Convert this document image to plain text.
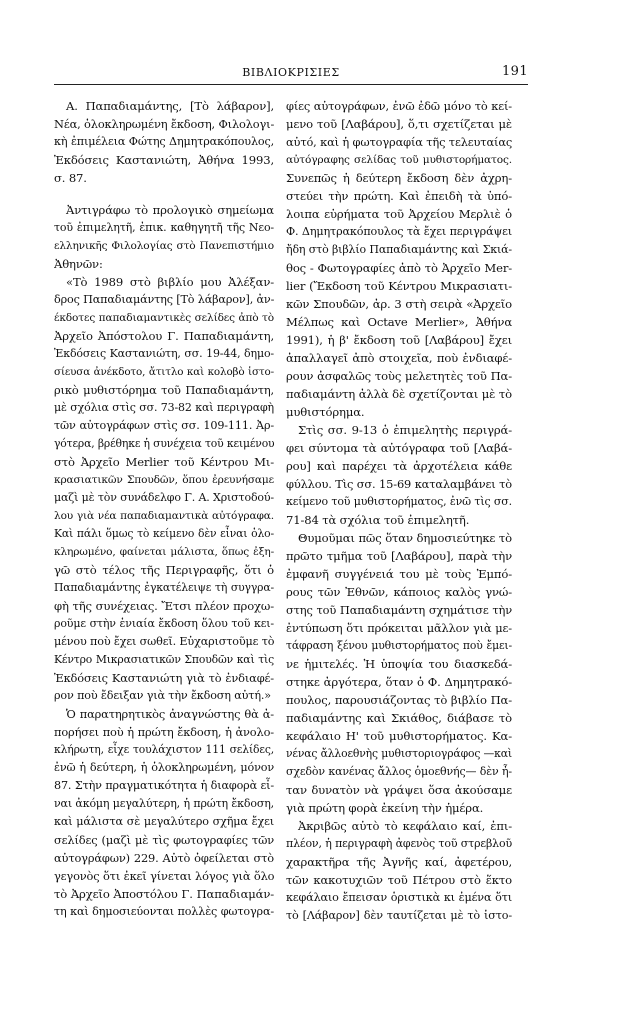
ΒΙΒΛΙΟΚΡΙΣΙΕΣ	191
Α. Παπαδιαμάντης, [Τὸ λάβαρον],
Νέα, ὁλοκληρωμένη ἔκδοση, Φιλολογι-
κὴ ἐπιμέλεια Φώτης Δημητρακόπουλος,
Ἐκδόσεις Καστανιώτη, Ἀθήνα 1993,
σ. 87.
Ἀντιγράφω τὸ προλογικὸ σημείωμα
τοῦ ἐπιμελητῆ, ἐπικ. καθηγητῆ τῆς Νεο-
ελληνικῆς Φιλολογίας στὸ Πανεπιστήμιο
Ἀθηνῶν:
«Τὸ 1989 στὸ βιβλίο μου Ἀλέξαν-
δρος Παπαδιαμάντης [Τὸ λάβαρον], ἀν-
έκδοτες παπαδιαμαντικὲς σελίδες ἀπὸ τὸ
Ἀρχεῖο Ἀπόστολου Γ. Παπαδιαμάντη,
Ἐκδόσεις Καστανιώτη, σσ. 19-44, δημο-
σίευσα ἀνέκδοτο, ἄτιτλο καὶ κολοβὸ ἱστο-
ρικὸ μυθιστόρημα τοῦ Παπαδιαμάντη,
μὲ σχόλια στὶς σσ. 73-82 καὶ περιγραφὴ
τῶν αὐτογράφων στὶς σσ. 109-111. Ἀρ-
γότερα, βρέθηκε ἡ συνέχεια τοῦ κειμένου
στὸ Ἀρχεῖο Merlier τοῦ Κέντρου Μι-
κρασιατικῶν Σπουδῶν, ὅπου ἐρευνήσαμε
μαζὶ μὲ τὸν συνάδελφο Γ. Α. Χριστοδού-
λου γιὰ νέα παπαδιαμαντικὰ αὐτόγραφα.
Καὶ πάλι ὅμως τὸ κείμενο δὲν εἶναι ὁλο-
κληρωμένο, φαίνεται μάλιστα, ὅπως ἐξη-
γῶ στὸ τέλος τῆς Περιγραφῆς, ὅτι ὁ
Παπαδιαμάντης ἐγκατέλειψε τὴ συγγρα-
φὴ τῆς συνέχειας. Ἔτσι πλέον προχω-
ροῦμε στὴν ἑνιαία ἔκδοση ὅλου τοῦ κει-
μένου ποὺ ἔχει σωθεῖ. Εὐχαριστοῦμε τὸ
Κέντρο Μικρασιατικῶν Σπουδῶν καὶ τὶς
Ἐκδόσεις Καστανιώτη γιὰ τὸ ἐνδιαφέ-
ρον ποὺ ἔδειξαν γιὰ τὴν ἔκδοση αὐτή.»
Ὁ παρατηρητικὸς ἀναγνώστης θὰ ἀ-
πορήσει ποὺ ἡ πρώτη ἔκδοση, ἡ ἀνολο-
κλήρωτη, εἶχε τουλάχιστον 111 σελίδες,
ἐνῶ ἡ δεύτερη, ἡ ὁλοκληρωμένη, μόνον
87. Στὴν πραγματικότητα ἡ διαφορὰ εἶ-
ναι ἀκόμη μεγαλύτερη, ἡ πρώτη ἔκδοση,
καὶ μάλιστα σὲ μεγαλύτερο σχῆμα ἔχει
σελίδες (μαζὶ μὲ τὶς φωτογραφίες τῶν
αὐτογράφων) 229. Αὐτὸ ὀφείλεται στὸ
γεγονὸς ὅτι ἐκεῖ γίνεται λόγος γιὰ ὅλο
τὸ Ἀρχεῖο Ἀποστόλου Γ. Παπαδιαμάν-
τη καὶ δημοσιεύονται πολλὲς φωτογρα-
φίες αὐτογράφων, ἐνῶ ἐδῶ μόνο τὸ κεί-
μενο τοῦ [Λαβάρου], ὅ,τι σχετίζεται μὲ
αὐτό, καὶ ἡ φωτογραφία τῆς τελευταίας
αὐτόγραφης σελίδας τοῦ μυθιστορήματος.
Συνεπῶς ἡ δεύτερη ἔκδοση δὲν ἀχρη-
στεύει τὴν πρώτη. Καὶ ἐπειδὴ τὰ ὑπό-
λοιπα εὑρήματα τοῦ Ἀρχείου Μερλιὲ ὁ
Φ. Δημητρακόπουλος τὰ ἔχει περιγράψει
ἤδη στὸ βιβλίο Παπαδιαμάντης καὶ Σκιά-
θος - Φωτογραφίες ἀπὸ τὸ Ἀρχεῖο Mer-
lier (Ἔκδοση τοῦ Κέντρου Μικρασιατι-
κῶν Σπουδῶν, ἀρ. 3 στὴ σειρὰ «Ἀρχεῖο
Μέλπως καὶ Octave Merlier», Ἀθήνα
1991), ἡ β' ἔκδοση τοῦ [Λαβάρου] ἔχει
ἀπαλλαγεῖ ἀπὸ στοιχεῖα, ποὺ ἐνδιαφέ-
ρουν ἀσφαλῶς τοὺς μελετητὲς τοῦ Πα-
παδιαμάντη ἀλλὰ δὲ σχετίζονται μὲ τὸ
μυθιστόρημα.
Στὶς σσ. 9-13 ὁ ἐπιμελητὴς περιγρά-
φει σύντομα τὰ αὐτόγραφα τοῦ [Λαβά-
ρου] καὶ παρέχει τὰ ἀρχοτέλεια κάθε
φύλλου. Τὶς σσ. 15-69 καταλαμβάνει τὸ
κείμενο τοῦ μυθιστορήματος, ἐνῶ τὶς σσ.
71-84 τὰ σχόλια τοῦ ἐπιμελητῆ.
Θυμοῦμαι πῶς ὅταν δημοσιεύτηκε τὸ
πρῶτο τμῆμα τοῦ [Λαβάρου], παρὰ τὴν
ἐμφανῆ συγγένειά του μὲ τοὺς Ἐμπό-
ρους τῶν Ἐθνῶν, κάποιος καλὸς γνώ-
στης τοῦ Παπαδιαμάντη σχημάτισε τὴν
ἐντύπωση ὅτι πρόκειται μᾶλλον γιὰ με-
τάφραση ξένου μυθιστορήματος ποὺ ἔμει-
νε ἡμιτελές. Ἡ ὑποψία του διασκεδά-
στηκε ἀργότερα, ὅταν ὁ Φ. Δημητρακό-
πουλος, παρουσιάζοντας τὸ βιβλίο Πα-
παδιαμάντης καὶ Σκιάθος, διάβασε τὸ
κεφάλαιο Η' τοῦ μυθιστορήματος. Κα-
νένας ἄλλοεθνὴς μυθιστοριογράφος —καὶ
σχεδὸν κανένας ἄλλος ὁμοεθνής— δὲν ἦ-
ταν δυνατὸν νὰ γράψει ὅσα ἀκούσαμε
γιὰ πρώτη φορὰ ἐκείνη τὴν ἡμέρα.
Ἀκριβῶς αὐτὸ τὸ κεφάλαιο καί, ἐπι-
πλέον, ἡ περιγραφὴ ἀφενὸς τοῦ στρεβλοῦ
χαρακτῆρα τῆς Ἀγνῆς καί, ἀφετέρου,
τῶν κακοτυχιῶν τοῦ Πέτρου στὸ ἕκτο
κεφάλαιο ἔπεισαν ὁριστικὰ κι ἐμένα ὅτι
τὸ [Λάβαρον] δὲν ταυτίζεται μὲ τὸ ἱστο-
